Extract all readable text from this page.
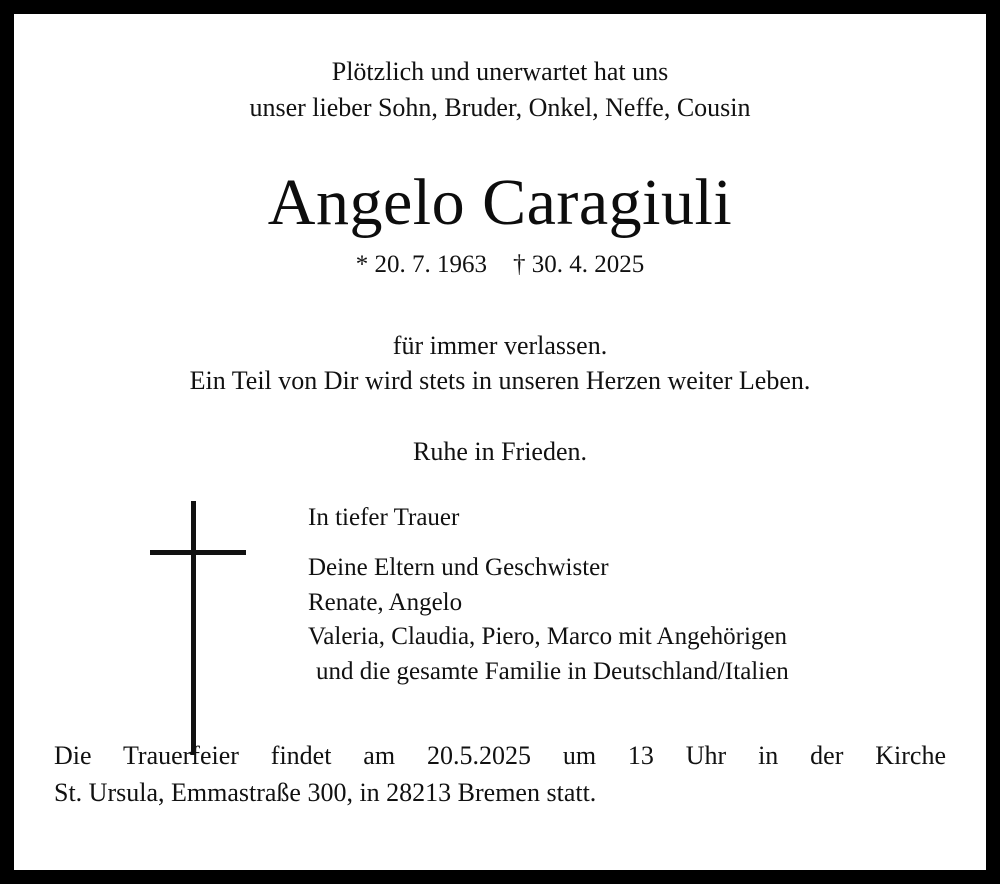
Plötzlich und unerwartet hat uns
unser lieber Sohn, Bruder, Onkel, Neffe, Cousin
Angelo Caragiuli
* 20. 7. 1963 † 30. 4. 2025
für immer verlassen.
Ein Teil von Dir wird stets in unseren Herzen weiter Leben.
Ruhe in Frieden.
In tiefer Trauer
Deine Eltern und Geschwister
Renate, Angelo
Valeria, Claudia, Piero, Marco mit Angehörigen
und die gesamte Familie in Deutschland/Italien
Die Trauerfeier findet am 20.5.2025 um 13 Uhr in der Kirche
St. Ursula, Emmastraße 300, in 28213 Bremen statt.
